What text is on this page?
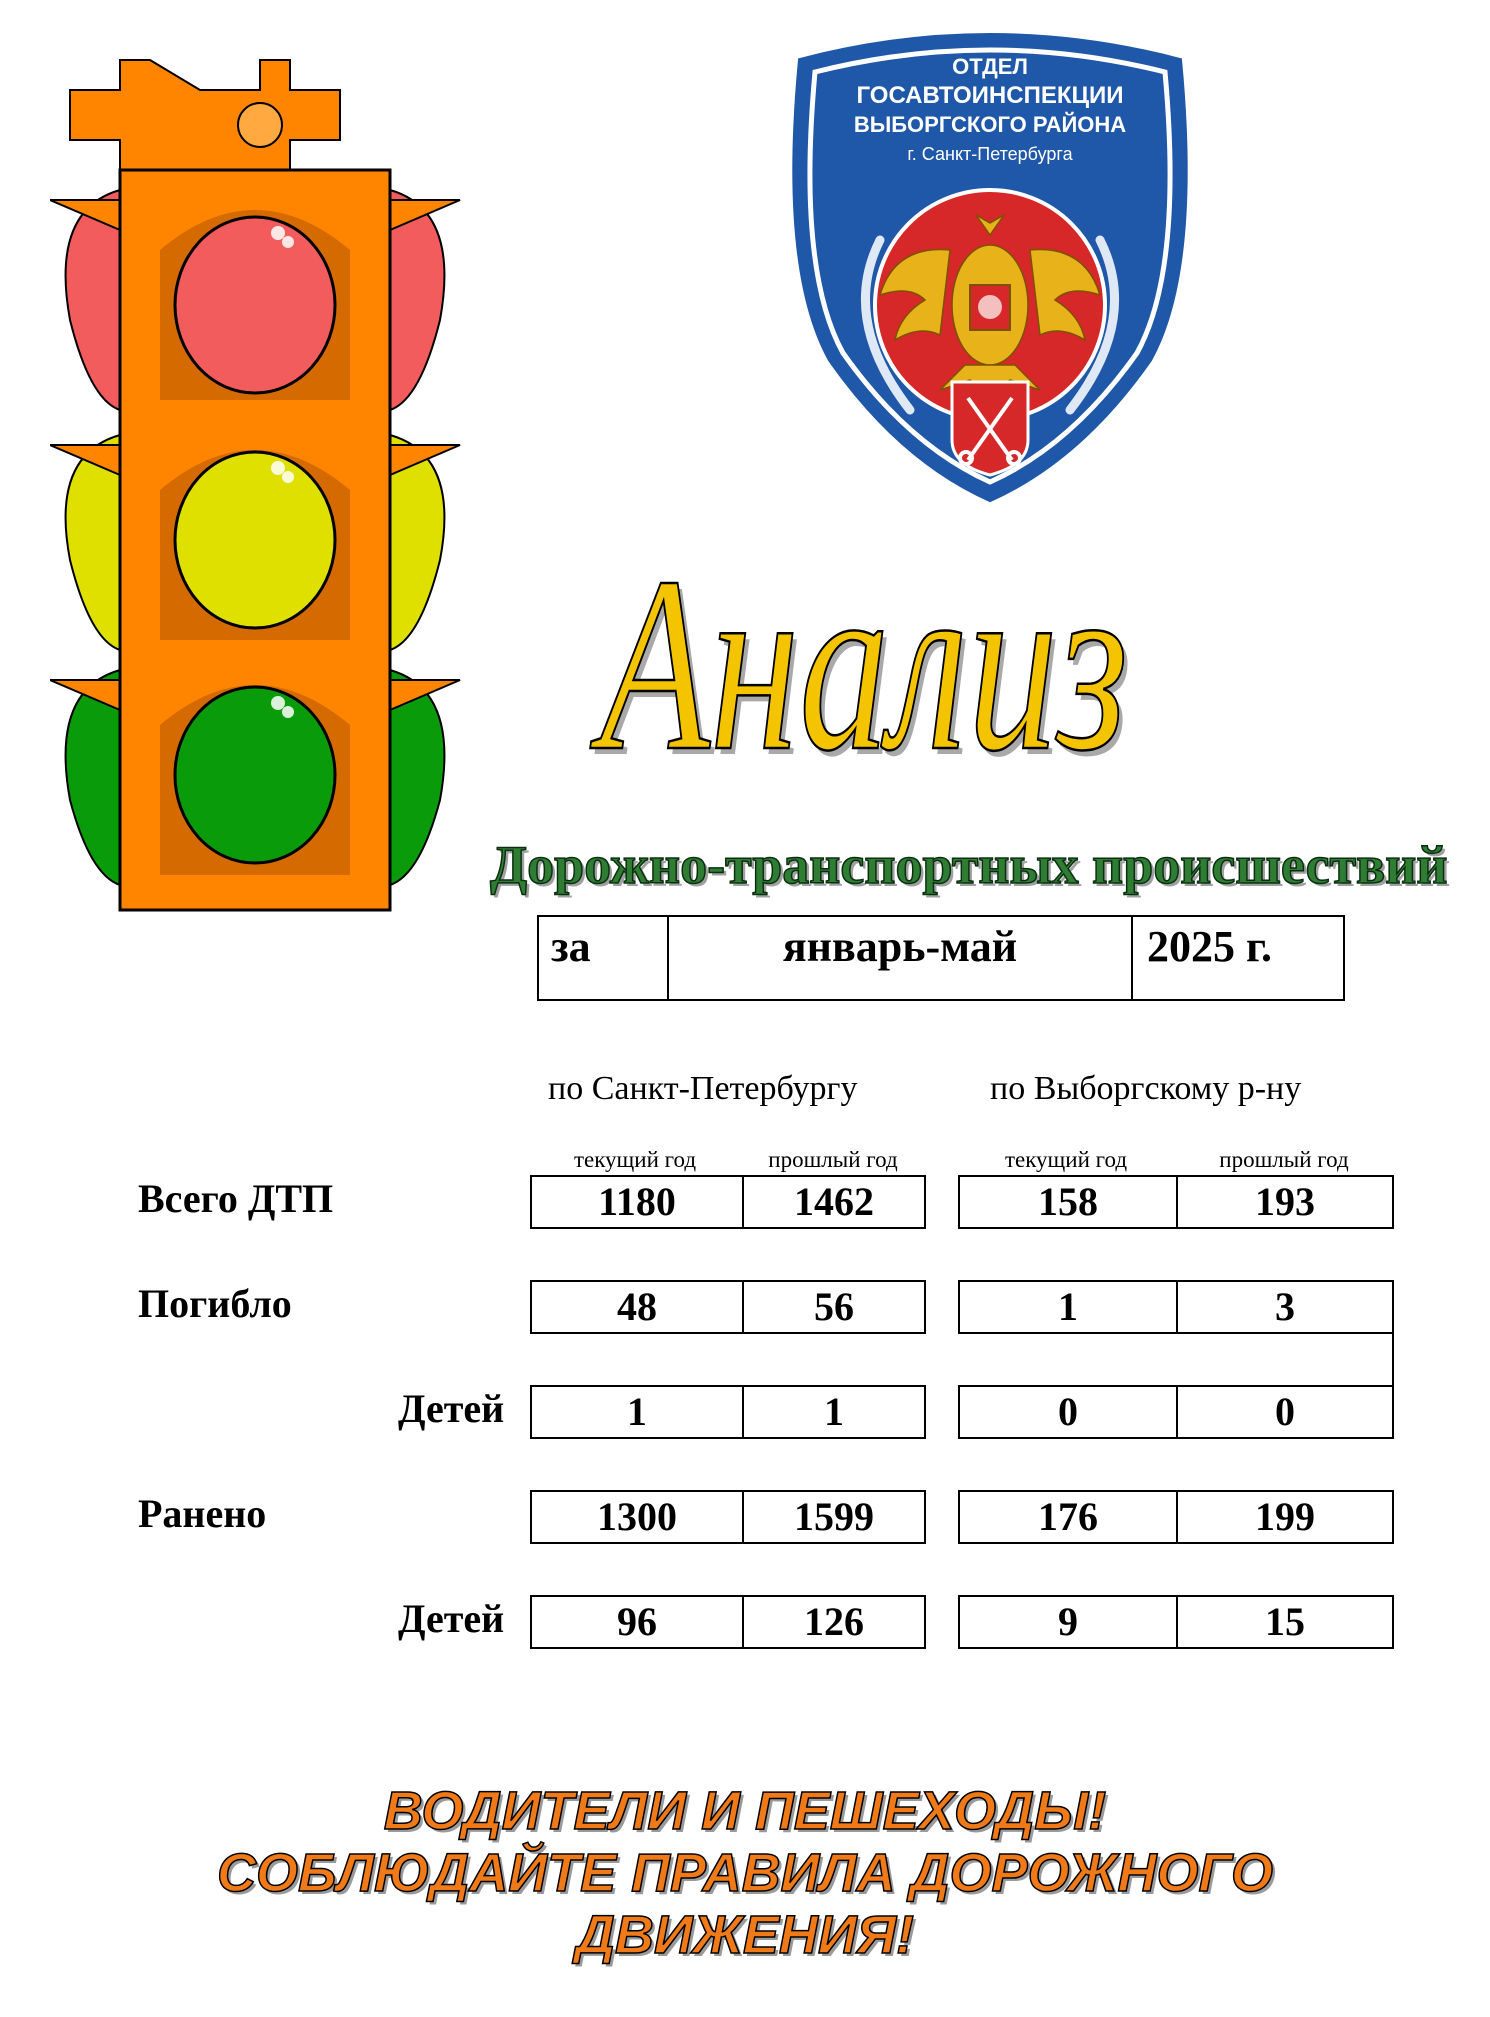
ОТДЕЛ
ГОСАВТОИНСПЕКЦИИ
ВЫБОРГСКОГО РАЙОНА
г. Санкт-Петербурга
Анализ
Дорожно-транспортных происшествий
за	январь-май	2025 г.
по Санкт-Петербургу	по Выборгскому р-ну
текущий год	прошлый год	текущий год	прошлый год
Всего ДТП	1180	1462	158	193
Погибло	48	56	1	3
Детей	1	1	0	0
Ранено	1300	1599	176	199
Детей	96	126	9	15
ВОДИТЕЛИ И ПЕШЕХОДЫ!
СОБЛЮДАЙТЕ ПРАВИЛА ДОРОЖНОГО
ДВИЖЕНИЯ!
